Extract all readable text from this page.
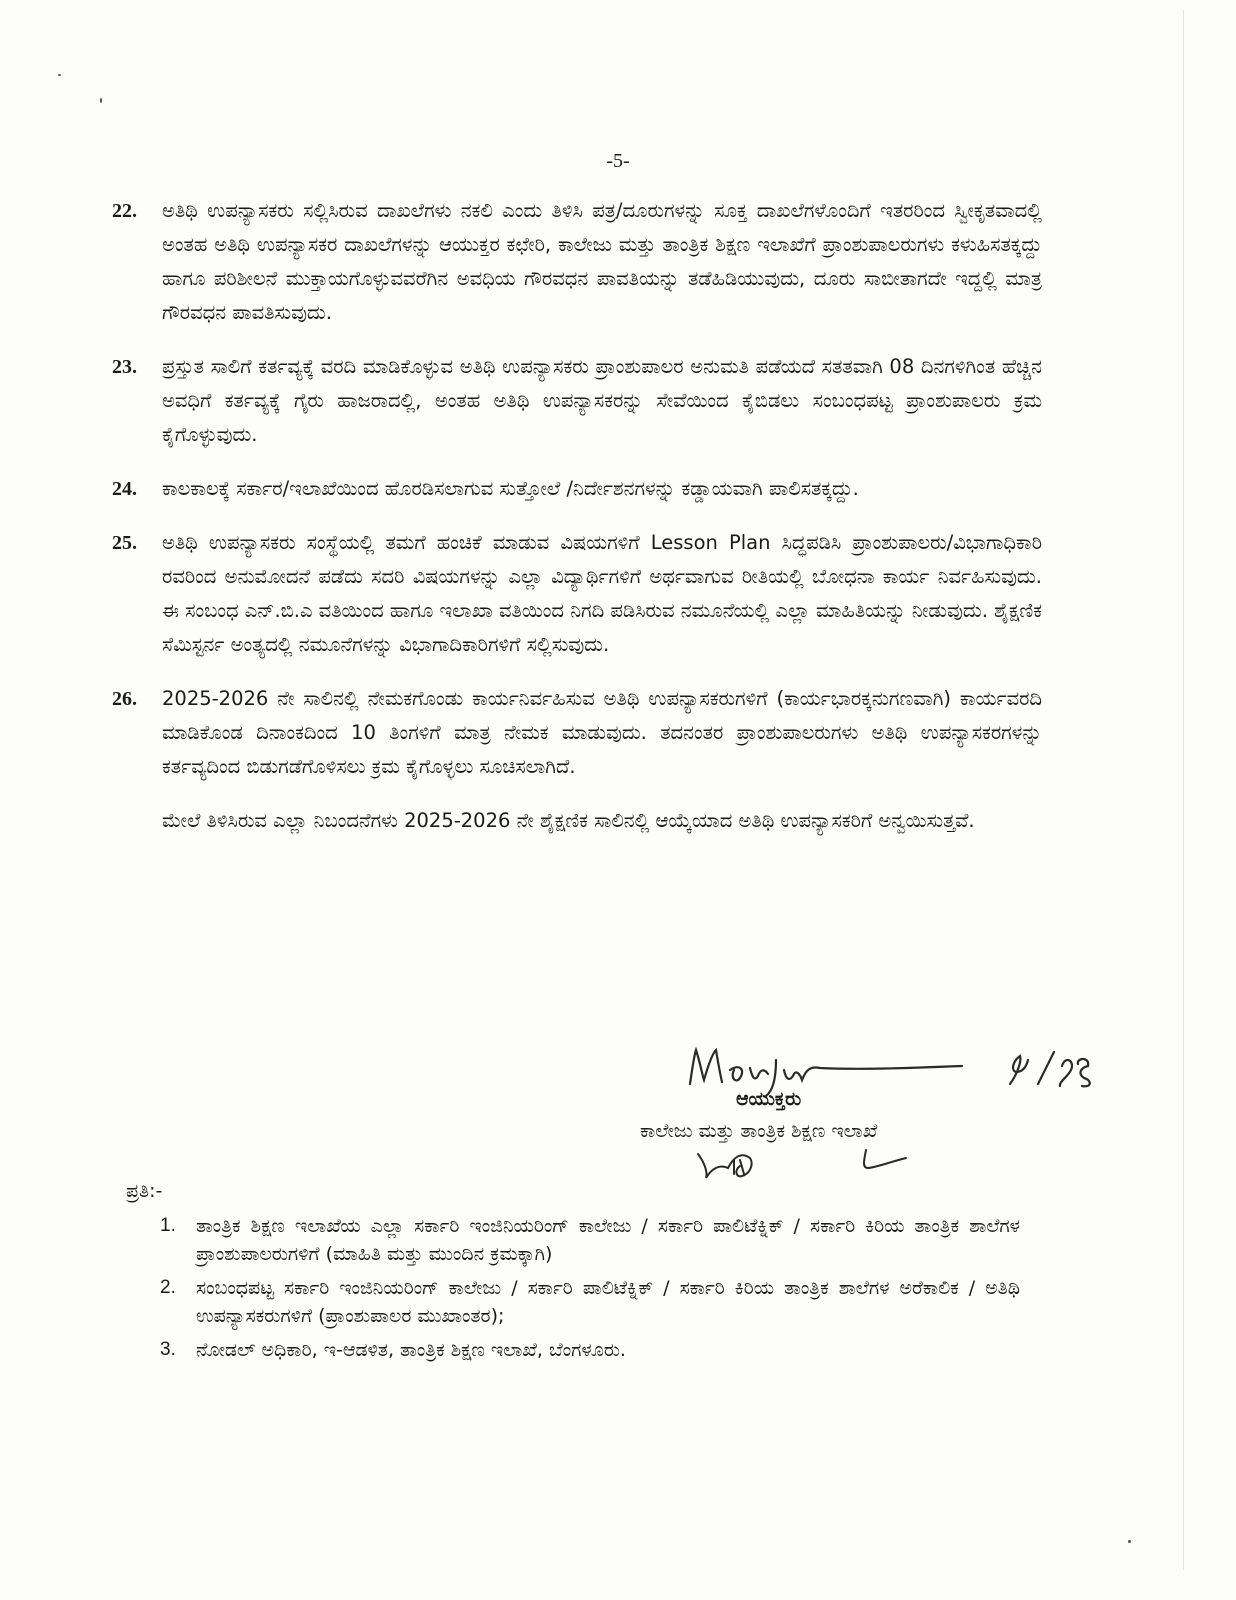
-5-
22.	ಅತಿಥಿ ಉಪನ್ಯಾಸಕರು ಸಲ್ಲಿಸಿರುವ ದಾಖಲೆಗಳು ನಕಲಿ ಎಂದು ತಿಳಿಸಿ ಪತ್ರ/ದೂರುಗಳನ್ನು ಸೂಕ್ತ ದಾಖಲೆಗಳೊಂದಿಗೆ ಇತರರಿಂದ ಸ್ವೀಕೃತವಾದಲ್ಲಿ ಅಂತಹ ಅತಿಥಿ ಉಪನ್ಯಾಸಕರ ದಾಖಲೆಗಳನ್ನು ಆಯುಕ್ತರ ಕಛೇರಿ, ಕಾಲೇಜು ಮತ್ತು ತಾಂತ್ರಿಕ ಶಿಕ್ಷಣ ಇಲಾಖೆಗೆ ಪ್ರಾಂಶುಪಾಲರುಗಳು ಕಳುಹಿಸತಕ್ಕದ್ದು ಹಾಗೂ ಪರಿಶೀಲನೆ ಮುಕ್ತಾಯಗೊಳ್ಳುವವರೆಗಿನ ಅವಧಿಯ ಗೌರವಧನ ಪಾವತಿಯನ್ನು ತಡೆಹಿಡಿಯುವುದು, ದೂರು ಸಾಬೀತಾಗದೇ ಇದ್ದಲ್ಲಿ ಮಾತ್ರ ಗೌರವಧನ ಪಾವತಿಸುವುದು.
23.	ಪ್ರಸ್ತುತ ಸಾಲಿಗೆ ಕರ್ತವ್ಯಕ್ಕೆ ವರದಿ ಮಾಡಿಕೊಳ್ಳುವ ಅತಿಥಿ ಉಪನ್ಯಾಸಕರು ಪ್ರಾಂಶುಪಾಲರ ಅನುಮತಿ ಪಡೆಯದೆ ಸತತವಾಗಿ 08 ದಿನಗಳಿಗಿಂತ ಹೆಚ್ಚಿನ ಅವಧಿಗೆ ಕರ್ತವ್ಯಕ್ಕೆ ಗೈರು ಹಾಜರಾದಲ್ಲಿ, ಅಂತಹ ಅತಿಥಿ ಉಪನ್ಯಾಸಕರನ್ನು ಸೇವೆಯಿಂದ ಕೈಬಿಡಲು ಸಂಬಂಧಪಟ್ಟ ಪ್ರಾಂಶುಪಾಲರು ಕ್ರಮ ಕೈಗೊಳ್ಳುವುದು.
24.	ಕಾಲಕಾಲಕ್ಕೆ ಸರ್ಕಾರ/ಇಲಾಖೆಯಿಂದ ಹೊರಡಿಸಲಾಗುವ ಸುತ್ತೋಲೆ /ನಿರ್ದೇಶನಗಳನ್ನು ಕಡ್ಡಾಯವಾಗಿ ಪಾಲಿಸತಕ್ಕದ್ದು.
25.	ಅತಿಥಿ ಉಪನ್ಯಾಸಕರು ಸಂಸ್ಥೆಯಲ್ಲಿ ತಮಗೆ ಹಂಚಿಕೆ ಮಾಡುವ ವಿಷಯಗಳಿಗೆ Lesson Plan ಸಿದ್ಧಪಡಿಸಿ ಪ್ರಾಂಶುಪಾಲರು/ವಿಭಾಗಾಧಿಕಾರಿ ರವರಿಂದ ಅನುಮೋದನೆ ಪಡೆದು ಸದರಿ ವಿಷಯಗಳನ್ನು ಎಲ್ಲಾ ವಿದ್ಯಾರ್ಥಿಗಳಿಗೆ ಅರ್ಥವಾಗುವ ರೀತಿಯಲ್ಲಿ ಬೋಧನಾ ಕಾರ್ಯ ನಿರ್ವಹಿಸುವುದು. ಈ ಸಂಬಂಧ ಎನ್.ಬಿ.ಎ ವತಿಯಿಂದ ಹಾಗೂ ಇಲಾಖಾ ವತಿಯಿಂದ ನಿಗದಿ ಪಡಿಸಿರುವ ನಮೂನೆಯಲ್ಲಿ ಎಲ್ಲಾ ಮಾಹಿತಿಯನ್ನು ನೀಡುವುದು. ಶೈಕ್ಷಣಿಕ ಸೆಮಿಸ್ಟರ್ನ ಅಂತ್ಯದಲ್ಲಿ ನಮೂನೆಗಳನ್ನು ವಿಭಾಗಾದಿಕಾರಿಗಳಿಗೆ ಸಲ್ಲಿಸುವುದು.
26.	2025-2026 ನೇ ಸಾಲಿನಲ್ಲಿ ನೇಮಕಗೊಂಡು ಕಾರ್ಯನಿರ್ವಹಿಸುವ ಅತಿಥಿ ಉಪನ್ಯಾಸಕರುಗಳಿಗೆ (ಕಾರ್ಯಭಾರಕ್ಕನುಗಣವಾಗಿ) ಕಾರ್ಯವರದಿ ಮಾಡಿಕೊಂಡ ದಿನಾಂಕದಿಂದ 10 ತಿಂಗಳಿಗೆ ಮಾತ್ರ ನೇಮಕ ಮಾಡುವುದು. ತದನಂತರ ಪ್ರಾಂಶುಪಾಲರುಗಳು ಅತಿಥಿ ಉಪನ್ಯಾಸಕರಗಳನ್ನು ಕರ್ತವ್ಯದಿಂದ ಬಿಡುಗಡೆಗೊಳಿಸಲು ಕ್ರಮ ಕೈಗೊಳ್ಳಲು ಸೂಚಿಸಲಾಗಿದೆ.
ಮೇಲೆ ತಿಳಿಸಿರುವ ಎಲ್ಲಾ ನಿಬಂದನೆಗಳು 2025-2026 ನೇ ಶೈಕ್ಷಣಿಕ ಸಾಲಿನಲ್ಲಿ ಆಯ್ಕೆಯಾದ ಅತಿಥಿ ಉಪನ್ಯಾಸಕರಿಗೆ ಅನ್ವಯಿಸುತ್ತವೆ.
ಆಯುಕ್ತರು
ಕಾಲೇಜು ಮತ್ತು ತಾಂತ್ರಿಕ ಶಿಕ್ಷಣ ಇಲಾಖೆ
ಪ್ರತಿ:-
1.	ತಾಂತ್ರಿಕ ಶಿಕ್ಷಣ ಇಲಾಖೆಯ ಎಲ್ಲಾ ಸರ್ಕಾರಿ ಇಂಜಿನಿಯರಿಂಗ್ ಕಾಲೇಜು / ಸರ್ಕಾರಿ ಪಾಲಿಟೆಕ್ನಿಕ್ / ಸರ್ಕಾರಿ ಕಿರಿಯ ತಾಂತ್ರಿಕ ಶಾಲೆಗಳ ಪ್ರಾಂಶುಪಾಲರುಗಳಿಗೆ (ಮಾಹಿತಿ ಮತ್ತು ಮುಂದಿನ ಕ್ರಮಕ್ಕಾಗಿ)
2.	ಸಂಬಂಧಪಟ್ಟ ಸರ್ಕಾರಿ ಇಂಜಿನಿಯರಿಂಗ್ ಕಾಲೇಜು / ಸರ್ಕಾರಿ ಪಾಲಿಟೆಕ್ನಿಕ್ / ಸರ್ಕಾರಿ ಕಿರಿಯ ತಾಂತ್ರಿಕ ಶಾಲೆಗಳ ಅರೆಕಾಲಿಕ / ಅತಿಥಿ ಉಪನ್ಯಾಸಕರುಗಳಿಗೆ (ಪ್ರಾಂಶುಪಾಲರ ಮುಖಾಂತರ);
3.	ನೋಡಲ್ ಅಧಿಕಾರಿ, ಇ-ಆಡಳಿತ, ತಾಂತ್ರಿಕ ಶಿಕ್ಷಣ ಇಲಾಖೆ, ಬೆಂಗಳೂರು.
